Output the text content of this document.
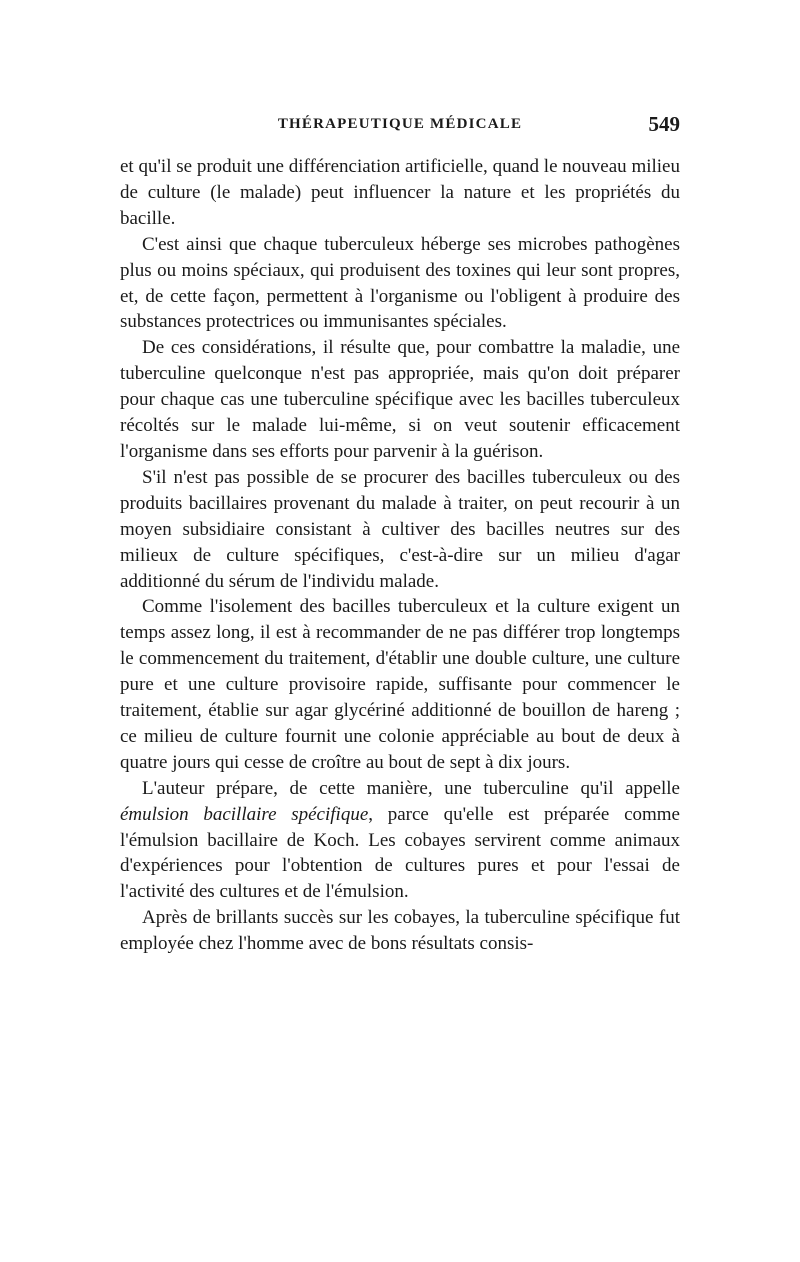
THÉRAPEUTIQUE MÉDICALE	549

et qu'il se produit une différenciation artificielle, quand le nouveau milieu de culture (le malade) peut influencer la nature et les propriétés du bacille.

C'est ainsi que chaque tuberculeux héberge ses microbes pathogènes plus ou moins spéciaux, qui produisent des toxines qui leur sont propres, et, de cette façon, permettent à l'organisme ou l'obligent à produire des substances protectrices ou immunisantes spéciales.

De ces considérations, il résulte que, pour combattre la maladie, une tuberculine quelconque n'est pas appropriée, mais qu'on doit préparer pour chaque cas une tuberculine spécifique avec les bacilles tuberculeux récoltés sur le malade lui-même, si on veut soutenir efficacement l'organisme dans ses efforts pour parvenir à la guérison.

S'il n'est pas possible de se procurer des bacilles tuberculeux ou des produits bacillaires provenant du malade à traiter, on peut recourir à un moyen subsidiaire consistant à cultiver des bacilles neutres sur des milieux de culture spécifiques, c'est-à-dire sur un milieu d'agar additionné du sérum de l'individu malade.

Comme l'isolement des bacilles tuberculeux et la culture exigent un temps assez long, il est à recommander de ne pas différer trop longtemps le commencement du traitement, d'établir une double culture, une culture pure et une culture provisoire rapide, suffisante pour commencer le traitement, établie sur agar glycériné additionné de bouillon de hareng ; ce milieu de culture fournit une colonie appréciable au bout de deux à quatre jours qui cesse de croître au bout de sept à dix jours.

L'auteur prépare, de cette manière, une tuberculine qu'il appelle émulsion bacillaire spécifique, parce qu'elle est préparée comme l'émulsion bacillaire de Koch. Les cobayes servirent comme animaux d'expériences pour l'obtention de cultures pures et pour l'essai de l'activité des cultures et de l'émulsion.

Après de brillants succès sur les cobayes, la tuberculine spécifique fut employée chez l'homme avec de bons résultats consis-
